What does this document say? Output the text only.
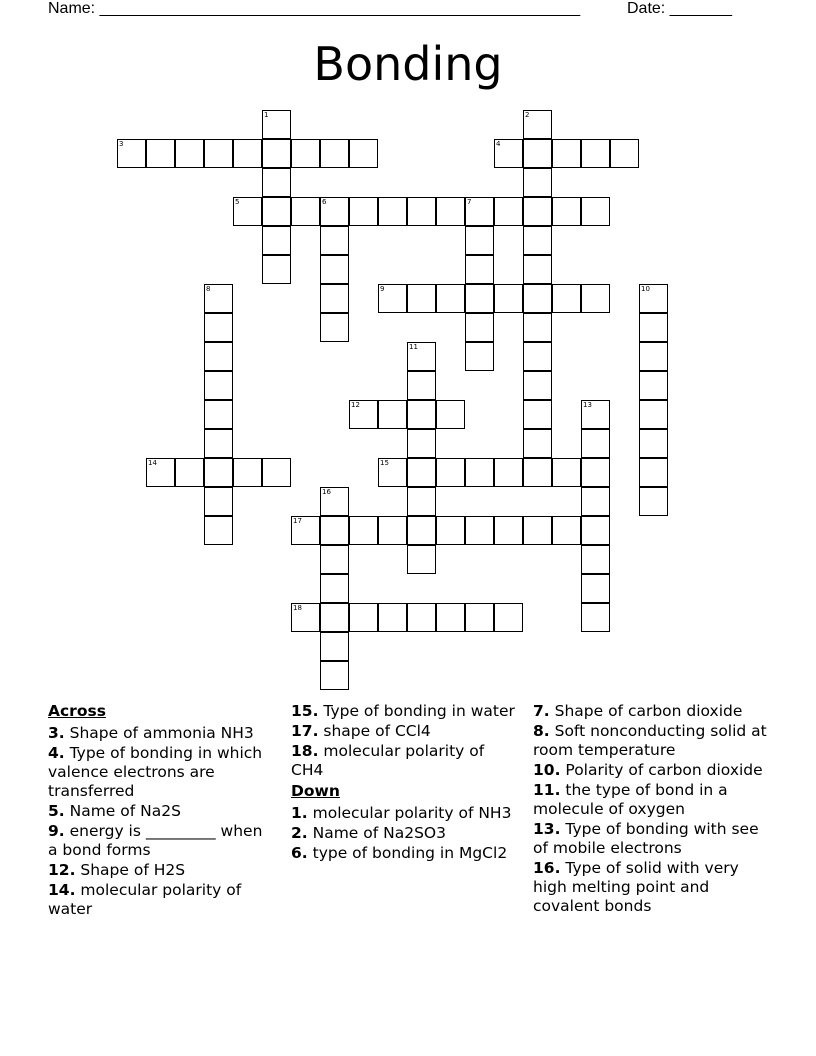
Name: ______________________________________________________	Date: _______
Bonding
1	2
3	4
5	6	7
8	9	10
11
12	13
14	15
16
17
18
Across
3. Shape of ammonia NH3
4. Type of bonding in which valence electrons are transferred
5. Name of Na2S
9. energy is _________ when a bond forms
12. Shape of H2S
14. molecular polarity of water
15. Type of bonding in water
17. shape of CCl4
18. molecular polarity of CH4
Down
1. molecular polarity of NH3
2. Name of Na2SO3
6. type of bonding in MgCl2
7. Shape of carbon dioxide
8. Soft nonconducting solid at room temperature
10. Polarity of carbon dioxide
11. the type of bond in a molecule of oxygen
13. Type of bonding with see of mobile electrons
16. Type of solid with very high melting point and covalent bonds
